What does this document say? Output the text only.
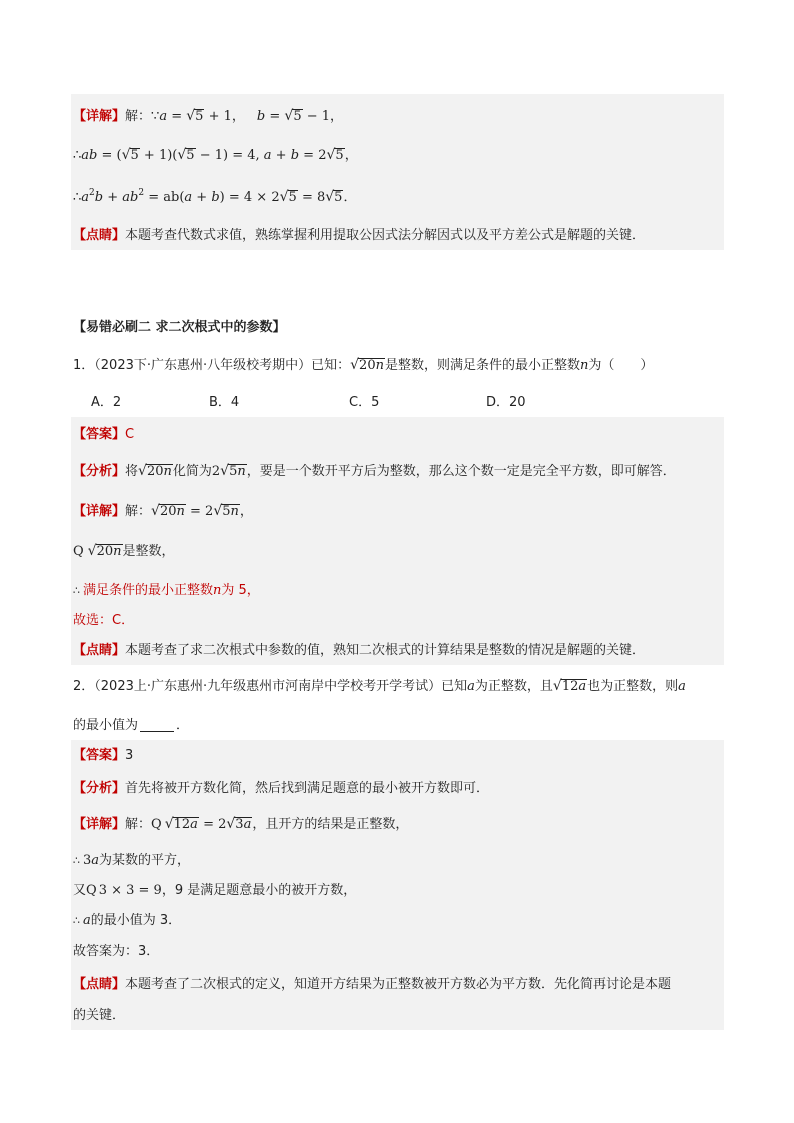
【详解】 解： ∵ a = √5 + 1， b = √5 − 1，
∴ ab = (√5 + 1)(√5 − 1) = 4, a + b = 2√5，
∴ $a^2b + ab^2 = ab(a + b) = 4 \times 2√5 = 8√5$．
【点睛】 本题考查代数式求值，熟练掌握利用提取公因式法分解因式以及平方差公式是解题的关键．
【易错必刷二 求二次根式中的参数】
1．（2023下·广东惠州·八年级校考期中）已知： √20n 是整数，则满足条件的最小正整数 n 为（　　）
A．2	B．4	C．5	D．20
【答案】 C
【分析】 将 √20n 化简为 2√5n ，要是一个数开平方后为整数，那么这个数一定是完全平方数，即可解答．
【详解】 解： √20n = 2√5n，
Q √20n 是整数，
∴ 满足条件的最小正整数 n 为 5，
故选：C．
【点睛】 本题考查了求二次根式中参数的值，熟知二次根式的计算结果是整数的情况是解题的关键．
2．（2023上·广东惠州·九年级惠州市河南岸中学校考开学考试）已知 a 为正整数，且 √12a 也为正整数，则 a
的最小值为	．
【答案】 3
【分析】 首先将被开方数化简，然后找到满足题意的最小被开方数即可．
【详解】 解： Q √12a = 2√3a ，且开方的结果是正整数，
∴ 3a 为某数的平方，
又 Q 3 × 3 = 9 ，9 是满足题意最小的被开方数，
∴ a 的最小值为 3．
故答案为：3．
【点睛】 本题考查了二次根式的定义，知道开方结果为正整数被开方数必为平方数．先化简再讨论是本题
的关键．
